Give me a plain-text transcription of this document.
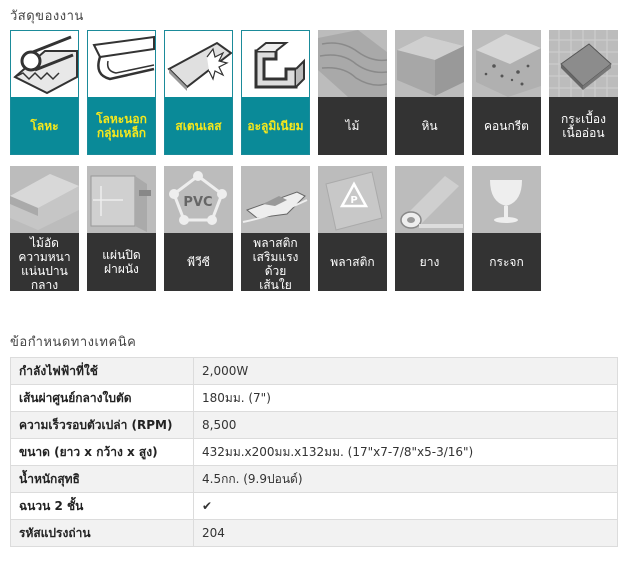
วัสดุของงาน
โลหะ	โลหะนอก
กลุ่มเหล็ก	สเตนเลส	อะลูมิเนียม	ไม้	หิน	คอนกรีต	กระเบื้อง
เนื้ออ่อน
ไม้อัด
ความหนา
แน่นปาน
กลาง
แผ่นปิด
ฝาผนัง
PVC
พีวีซี
พลาสติก
เสริมแรง
ด้วย
เส้นใย
P
พลาสติก	ยาง	กระจก
ข้อกำหนดทางเทคนิค
กำลังไฟฟ้าที่ใช้	2,000W
เส้นผ่าศูนย์กลางใบตัด	180มม. (7")
ความเร็วรอบตัวเปล่า (RPM)	8,500
ขนาด (ยาว x กว้าง x สูง)	432มม.x200มม.x132มม. (17"x7-7/8"x5-3/16")
น้ำหนักสุทธิ	4.5กก. (9.9ปอนด์)
ฉนวน 2 ชั้น	✔
รหัสแปรงถ่าน	204
